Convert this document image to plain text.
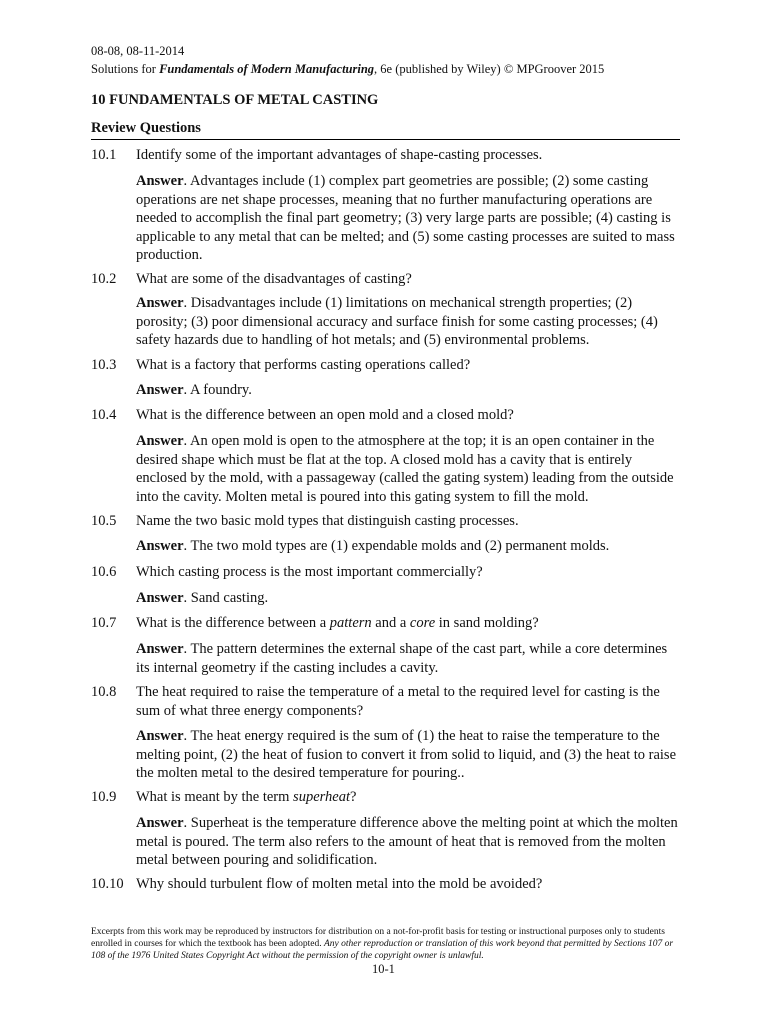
08-08, 08-11-2014
Solutions for Fundamentals of Modern Manufacturing, 6e (published by Wiley) © MPGroover 2015
10 FUNDAMENTALS OF METAL CASTING
Review Questions
10.1 Identify some of the important advantages of shape-casting processes.
Answer. Advantages include (1) complex part geometries are possible; (2) some casting operations are net shape processes, meaning that no further manufacturing operations are needed to accomplish the final part geometry; (3) very large parts are possible; (4) casting is applicable to any metal that can be melted; and (5) some casting processes are suited to mass production.
10.2 What are some of the disadvantages of casting?
Answer. Disadvantages include (1) limitations on mechanical strength properties; (2) porosity; (3) poor dimensional accuracy and surface finish for some casting processes; (4) safety hazards due to handling of hot metals; and (5) environmental problems.
10.3 What is a factory that performs casting operations called?
Answer. A foundry.
10.4 What is the difference between an open mold and a closed mold?
Answer. An open mold is open to the atmosphere at the top; it is an open container in the desired shape which must be flat at the top. A closed mold has a cavity that is entirely enclosed by the mold, with a passageway (called the gating system) leading from the outside into the cavity. Molten metal is poured into this gating system to fill the mold.
10.5 Name the two basic mold types that distinguish casting processes.
Answer. The two mold types are (1) expendable molds and (2) permanent molds.
10.6 Which casting process is the most important commercially?
Answer. Sand casting.
10.7 What is the difference between a pattern and a core in sand molding?
Answer. The pattern determines the external shape of the cast part, while a core determines its internal geometry if the casting includes a cavity.
10.8 The heat required to raise the temperature of a metal to the required level for casting is the sum of what three energy components?
Answer. The heat energy required is the sum of (1) the heat to raise the temperature to the melting point, (2) the heat of fusion to convert it from solid to liquid, and (3) the heat to raise the molten metal to the desired temperature for pouring..
10.9 What is meant by the term superheat?
Answer. Superheat is the temperature difference above the melting point at which the molten metal is poured. The term also refers to the amount of heat that is removed from the molten metal between pouring and solidification.
10.10 Why should turbulent flow of molten metal into the mold be avoided?
Excerpts from this work may be reproduced by instructors for distribution on a not-for-profit basis for testing or instructional purposes only to students enrolled in courses for which the textbook has been adopted. Any other reproduction or translation of this work beyond that permitted by Sections 107 or 108 of the 1976 United States Copyright Act without the permission of the copyright owner is unlawful.
10-1
